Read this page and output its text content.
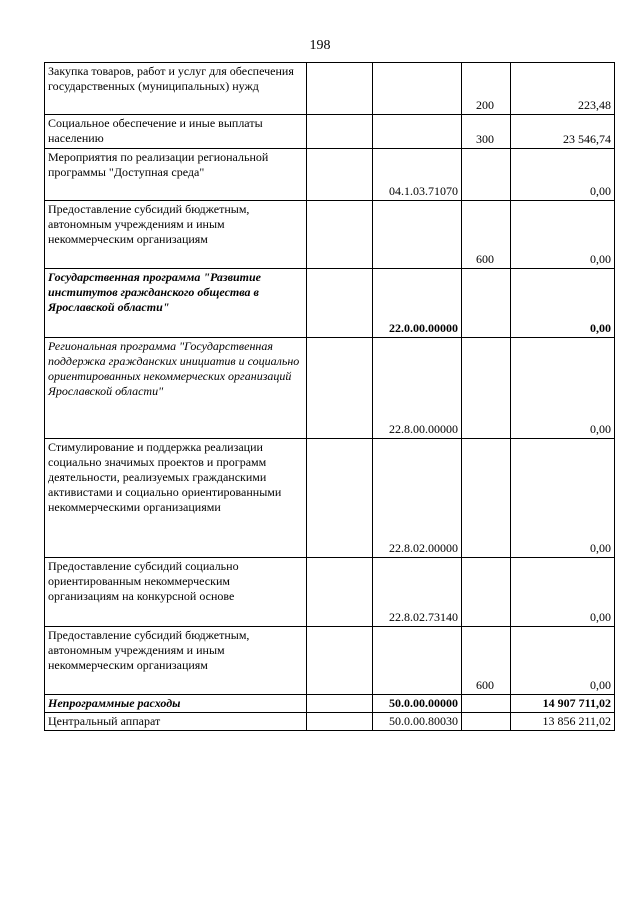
198
Закупка товаров, работ и услуг для обеспечения государственных (муниципальных) нужд			200	223,48
Социальное обеспечение и иные выплаты населению			300	23 546,74
Мероприятия по реализации региональной программы "Доступная среда"		04.1.03.71070		0,00
Предоставление субсидий бюджетным, автономным учреждениям и иным некоммерческим организациям			600	0,00
Государственная программа "Развитие институтов гражданского общества в Ярославской области"		22.0.00.00000		0,00
Региональная программа "Государственная поддержка гражданских инициатив и социально ориентированных некоммерческих организаций Ярославской области"		22.8.00.00000		0,00
Стимулирование и поддержка реализации социально значимых проектов и программ деятельности, реализуемых гражданскими активистами и социально ориентированными некоммерческими организациями		22.8.02.00000		0,00
Предоставление субсидий социально ориентированным некоммерческим организациям на конкурсной основе		22.8.02.73140		0,00
Предоставление субсидий бюджетным, автономным учреждениям и иным некоммерческим организациям			600	0,00
Непрограммные расходы		50.0.00.00000		14 907 711,02
Центральный аппарат		50.0.00.80030		13 856 211,02
